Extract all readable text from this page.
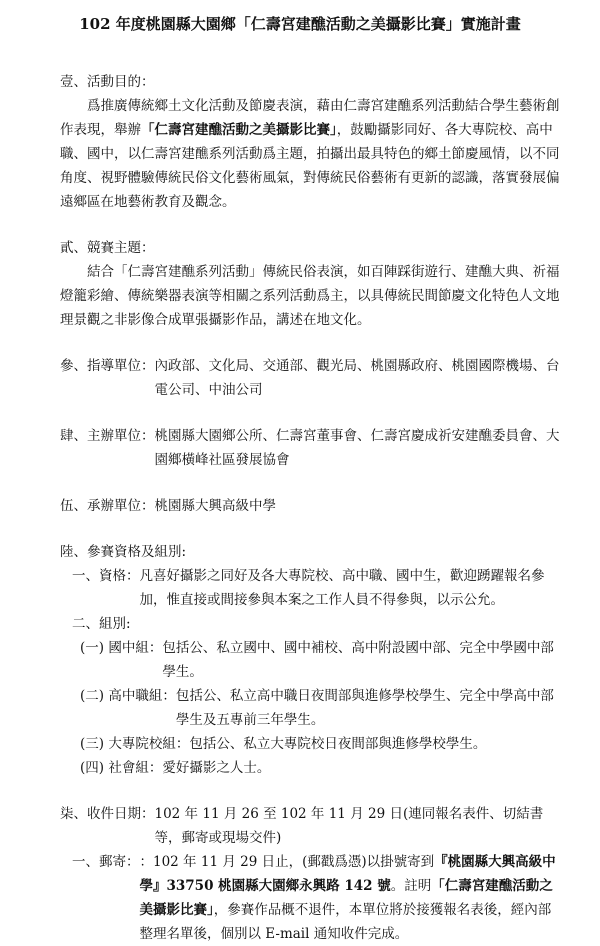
102 年度桃園縣大園鄉「仁壽宮建醮活動之美攝影比賽」實施計畫
壹、活動目的：

爲推廣傳統鄉土文化活動及節慶表演，藉由仁壽宮建醮系列活動結合學生藝術創作表現，舉辦「仁壽宮建醮活動之美攝影比賽」，鼓勵攝影同好、各大專院校、高中職、國中，以仁壽宮建醮系列活動爲主題，拍攝出最具特色的鄉土節慶風情，以不同角度、視野體驗傳統民俗文化藝術風氣，對傳統民俗藝術有更新的認識，落實發展偏遠鄉區在地藝術教育及觀念。

貳、競賽主題：

結合「仁壽宮建醮系列活動」傳統民俗表演，如百陣踩街遊行、建醮大典、祈福燈籠彩繪、傳統樂器表演等相關之系列活動爲主，以具傳統民間節慶文化特色人文地理景觀之非影像合成單張攝影作品，講述在地文化。

參、指導單位： 內政部、文化局、交通部、觀光局、桃園縣政府、桃園國際機場、台電公司、中油公司
肆、主辦單位： 桃園縣大園鄉公所、仁壽宮董事會、仁壽宮慶成祈安建醮委員會、大園鄉橫峰社區發展協會
伍、承辦單位： 桃園縣大興高級中學
陸、參賽資格及組別:
一、資格： 凡喜好攝影之同好及各大專院校、高中職、國中生，歡迎踴躍報名參加，惟直接或間接參與本案之工作人員不得參與，以示公允。
二、組別:
(一) 國中組： 包括公、私立國中、國中補校、高中附設國中部、完全中學國中部學生。
(二) 高中職組： 包括公、私立高中職日夜間部與進修學校學生、完全中學高中部學生及五專前三年學生。
(三) 大專院校組： 包括公、私立大專院校日夜間部與進修學校學生。
(四) 社會組： 愛好攝影之人士。
柒、收件日期： 102 年 11 月 26 至 102 年 11 月 29 日(連同報名表件、切結書等，郵寄或現場交件)
一、郵寄： ：102 年 11 月 29 日止，(郵戳爲憑)以掛號寄到『桃園縣大興高級中學』33750 桃園縣大園鄉永興路 142 號。註明「仁壽宮建醮活動之美攝影比賽」，參賽作品概不退件，本單位將於接獲報名表後，經內部整理名單後，個別以 E-mail 通知收件完成。
